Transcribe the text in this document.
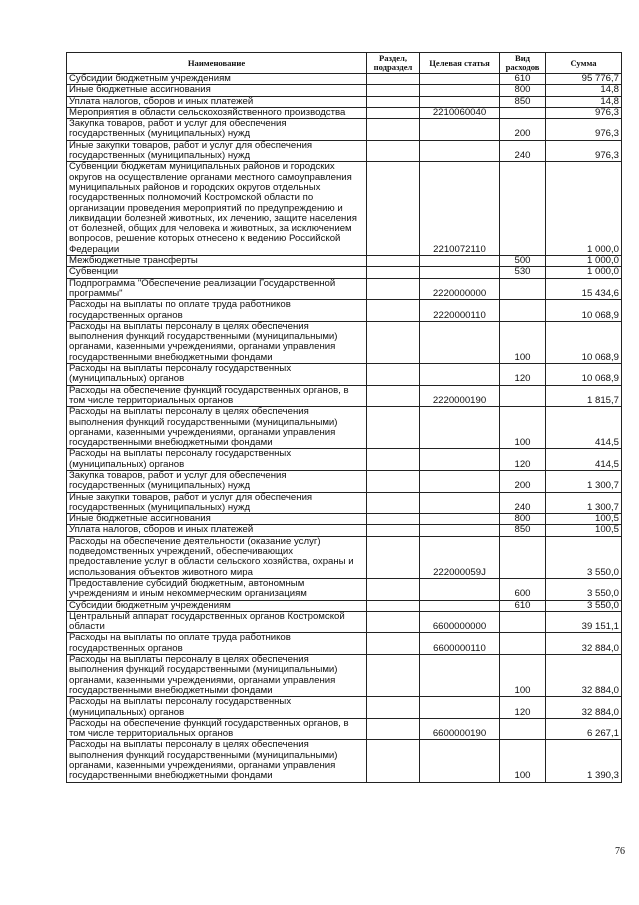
Наименование	Раздел, подраздел	Целевая статья	Вид расходов	Сумма
Субсидии бюджетным учреждениям			610	95 776,7
Иные бюджетные ассигнования			800	14,8
Уплата налогов, сборов и иных платежей			850	14,8
Мероприятия в области сельскохозяйственного производства		2210060040		976,3
Закупка товаров, работ и услуг для обеспечения государственных (муниципальных) нужд			200	976,3
Иные закупки товаров, работ и услуг для обеспечения государственных (муниципальных) нужд			240	976,3
Субвенции бюджетам муниципальных районов и городских округов на осуществление органами местного самоуправления муниципальных районов и городских округов отдельных государственных полномочий Костромской области по организации проведения мероприятий по предупреждению и ликвидации болезней животных, их лечению, защите населения от болезней, общих для человека и животных, за исключением вопросов, решение которых отнесено к ведению Российской Федерации		2210072110		1 000,0
Межбюджетные трансферты			500	1 000,0
Субвенции			530	1 000,0
Подпрограмма "Обеспечение реализации Государственной программы"		2220000000		15 434,6
Расходы на выплаты по оплате труда работников государственных органов		2220000110		10 068,9
Расходы на выплаты персоналу в целях обеспечения выполнения функций государственными (муниципальными) органами, казенными учреждениями, органами управления государственными внебюджетными фондами			100	10 068,9
Расходы на выплаты персоналу государственных (муниципальных) органов			120	10 068,9
Расходы на обеспечение функций государственных органов, в том числе территориальных органов		2220000190		1 815,7
Расходы на выплаты персоналу в целях обеспечения выполнения функций государственными (муниципальными) органами, казенными учреждениями, органами управления государственными внебюджетными фондами			100	414,5
Расходы на выплаты персоналу государственных (муниципальных) органов			120	414,5
Закупка товаров, работ и услуг для обеспечения государственных (муниципальных) нужд			200	1 300,7
Иные закупки товаров, работ и услуг для обеспечения государственных (муниципальных) нужд			240	1 300,7
Иные бюджетные ассигнования			800	100,5
Уплата налогов, сборов и иных платежей			850	100,5
Расходы на обеспечение деятельности (оказание услуг) подведомственных учреждений, обеспечивающих предоставление услуг в области сельского хозяйства, охраны и использования объектов животного мира		222000059J		3 550,0
Предоставление субсидий бюджетным, автономным учреждениям и иным некоммерческим организациям			600	3 550,0
Субсидии бюджетным учреждениям			610	3 550,0
Центральный аппарат государственных органов Костромской области		6600000000		39 151,1
Расходы на выплаты по оплате труда работников государственных органов		6600000110		32 884,0
Расходы на выплаты персоналу в целях обеспечения выполнения функций государственными (муниципальными) органами, казенными учреждениями, органами управления государственными внебюджетными фондами			100	32 884,0
Расходы на выплаты персоналу государственных (муниципальных) органов			120	32 884,0
Расходы на обеспечение функций государственных органов, в том числе территориальных органов		6600000190		6 267,1
Расходы на выплаты персоналу в целях обеспечения выполнения функций государственными (муниципальными) органами, казенными учреждениями, органами управления государственными внебюджетными фондами			100	1 390,3
76
